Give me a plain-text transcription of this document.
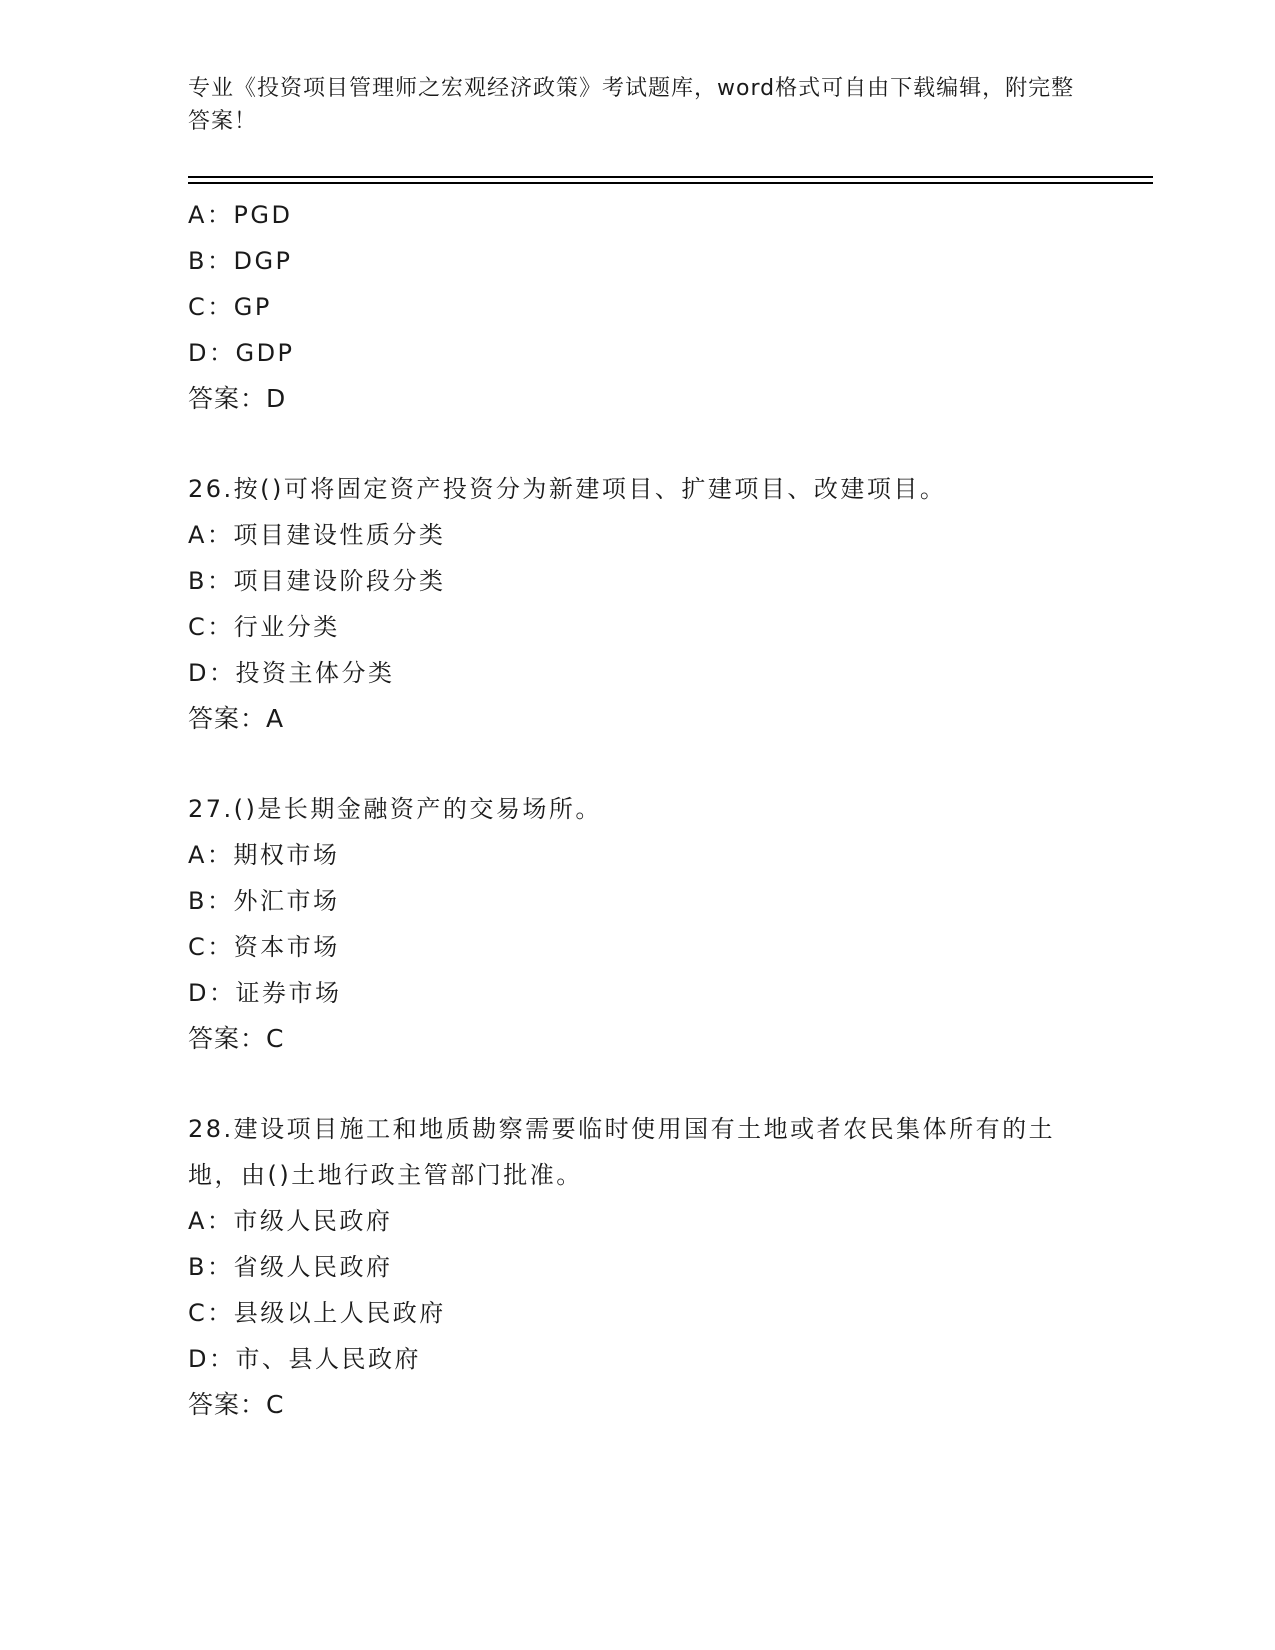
专业《投资项目管理师之宏观经济政策》考试题库，word格式可自由下载编辑，附完整答案！
A：PGD
B：DGP
C：GP
D：GDP
答案：D
26.按()可将固定资产投资分为新建项目、扩建项目、改建项目。
A：项目建设性质分类
B：项目建设阶段分类
C：行业分类
D：投资主体分类
答案：A
27.()是长期金融资产的交易场所。
A：期权市场
B：外汇市场
C：资本市场
D：证券市场
答案：C
28.建设项目施工和地质勘察需要临时使用国有土地或者农民集体所有的土地，由()土地行政主管部门批准。
A：市级人民政府
B：省级人民政府
C：县级以上人民政府
D：市、县人民政府
答案：C
